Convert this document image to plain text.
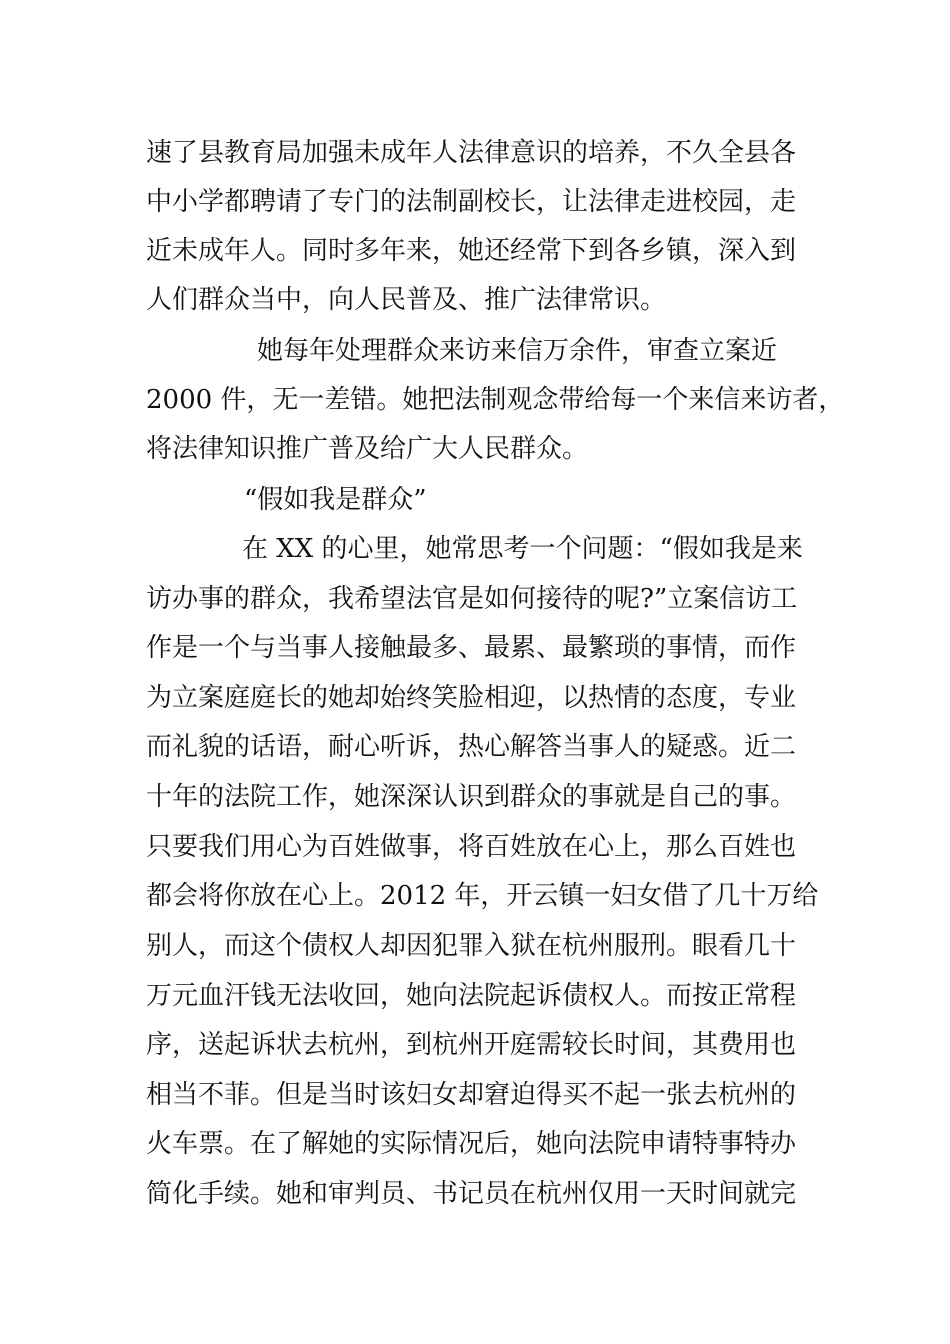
速了县教育局加强未成年人法律意识的培养，不久全县各
中小学都聘请了专门的法制副校长，让法律走进校园，走
近未成年人。同时多年来，她还经常下到各乡镇，深入到
人们群众当中，向人民普及、推广法律常识。
她每年处理群众来访来信万余件，审查立案近
2000 件，无一差错。她把法制观念带给每一个来信来访者，
将法律知识推广普及给广大人民群众。
“假如我是群众”
在 XX 的心里，她常思考一个问题：“假如我是来
访办事的群众，我希望法官是如何接待的呢?”立案信访工
作是一个与当事人接触最多、最累、最繁琐的事情，而作
为立案庭庭长的她却始终笑脸相迎，以热情的态度，专业
而礼貌的话语，耐心听诉，热心解答当事人的疑惑。近二
十年的法院工作，她深深认识到群众的事就是自己的事。
只要我们用心为百姓做事，将百姓放在心上，那么百姓也
都会将你放在心上。2012 年，开云镇一妇女借了几十万给
别人，而这个债权人却因犯罪入狱在杭州服刑。眼看几十
万元血汗钱无法收回，她向法院起诉债权人。而按正常程
序，送起诉状去杭州，到杭州开庭需较长时间，其费用也
相当不菲。但是当时该妇女却窘迫得买不起一张去杭州的
火车票。在了解她的实际情况后，她向法院申请特事特办
简化手续。她和审判员、书记员在杭州仅用一天时间就完
